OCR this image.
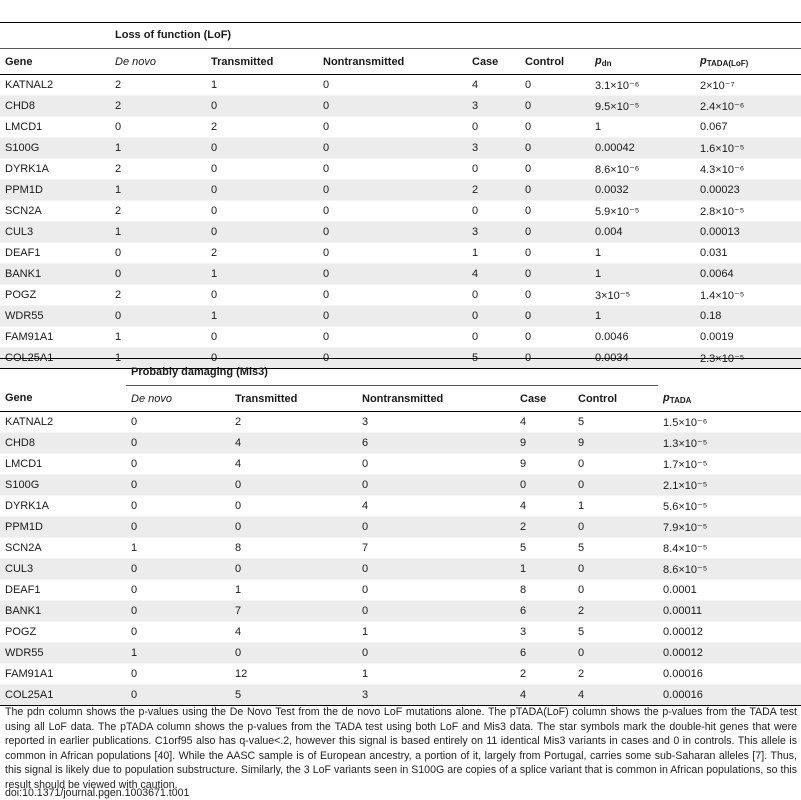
	Loss of function (LoF)						
Gene	De novo	Transmitted	Nontransmitted	Case	Control	$p_{dn}$	$p_{TADA(LoF)}$
KATNAL2	2	1	0	4	0	3.1×10⁻⁶	2×10⁻⁷
CHD8	2	0	0	3	0	9.5×10⁻⁵	2.4×10⁻⁶
LMCD1	0	2	0	0	0	1	0.067
S100G	1	0	0	3	0	0.00042	1.6×10⁻⁵
DYRK1A	2	0	0	0	0	8.6×10⁻⁶	4.3×10⁻⁶
PPM1D	1	0	0	2	0	0.0032	0.00023
SCN2A	2	0	0	0	0	5.9×10⁻⁵	2.8×10⁻⁵
CUL3	1	0	0	3	0	0.004	0.00013
DEAF1	0	2	0	1	0	1	0.031
BANK1	0	1	0	4	0	1	0.0064
POGZ	2	0	0	0	0	3×10⁻⁵	1.4×10⁻⁵
WDR55	0	1	0	0	0	1	0.18
FAM91A1	1	0	0	0	0	0.0046	0.0019
COL25A1	1	0	0	5	0	0.0034	2.3×10⁻⁵
	Probably damaging (Mis3)					
Gene	De novo	Transmitted	Nontransmitted	Case	Control	$p_{TADA}$
KATNAL2	0	2	3	4	5	1.5×10⁻⁶
CHD8	0	4	6	9	9	1.3×10⁻⁵
LMCD1	0	4	0	9	0	1.7×10⁻⁵
S100G	0	0	0	0	0	2.1×10⁻⁵
DYRK1A	0	0	4	4	1	5.6×10⁻⁵
PPM1D	0	0	0	2	0	7.9×10⁻⁵
SCN2A	1	8	7	5	5	8.4×10⁻⁵
CUL3	0	0	0	1	0	8.6×10⁻⁵
DEAF1	0	1	0	8	0	0.0001
BANK1	0	7	0	6	2	0.00011
POGZ	0	4	1	3	5	0.00012
WDR55	1	0	0	6	0	0.00012
FAM91A1	0	12	1	2	2	0.00016
COL25A1	0	5	3	4	4	0.00016
The pdn column shows the p-values using the De Novo Test from the de novo LoF mutations alone. The pTADA(LoF) column shows the p-values from the TADA test using all LoF data. The pTADA column shows the p-values from the TADA test using both LoF and Mis3 data. The star symbols mark the double-hit genes that were reported in earlier publications. C1orf95 also has q-value<.2, however this signal is based entirely on 11 identical Mis3 variants in cases and 0 in controls. This allele is common in African populations [40]. While the AASC sample is of European ancestry, a portion of it, largely from Portugal, carries some sub-Saharan alleles [7]. Thus, this signal is likely due to population substructure. Similarly, the 3 LoF variants seen in S100G are copies of a splice variant that is common in African populations, so this result should be viewed with caution.
doi:10.1371/journal.pgen.1003671.t001
